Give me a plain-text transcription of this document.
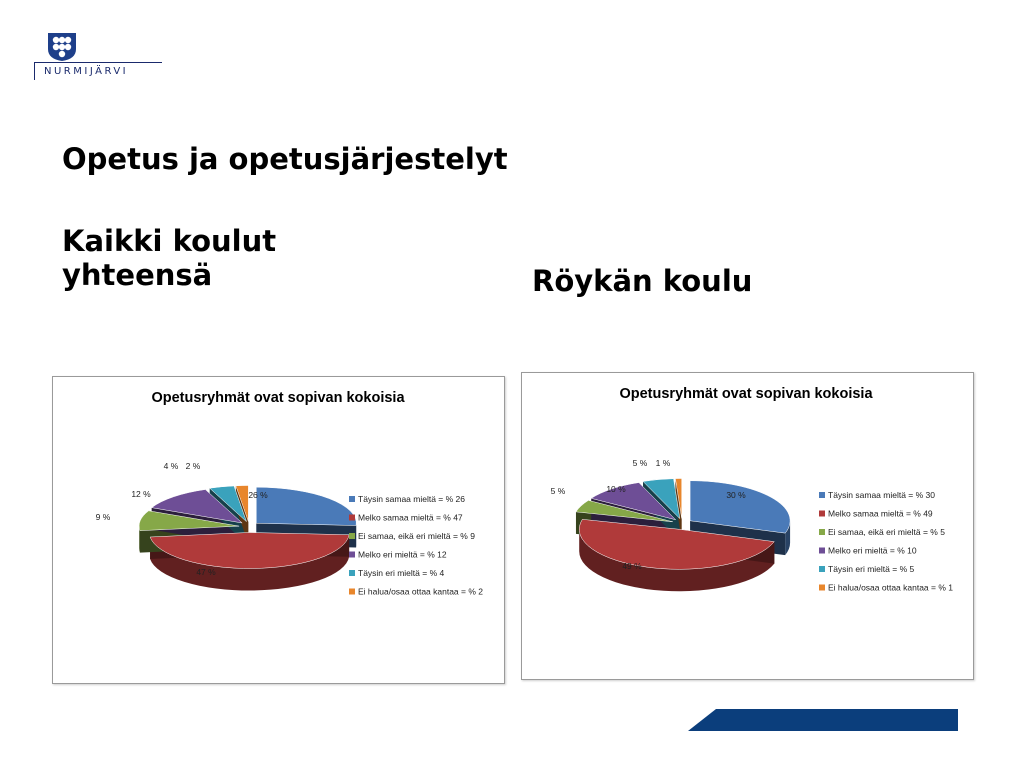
NURMIJÄRVI
Opetus ja opetusjärjestelyt
Kaikki koulut
yhteensä	Röykän koulu
Opetusryhmät ovat sopivan kokoisia
26 %
47 %
9 %
12 %
4 % 2 %
Täysin samaa mieltä = % 26
Melko samaa mieltä = % 47
Ei samaa, eikä eri mieltä = % 9
Melko eri mieltä = % 12
Täysin eri mieltä = % 4
Ei halua/osaa ottaa kantaa = % 2
Opetusryhmät ovat sopivan kokoisia
30 %
49 %
5 %	10 %
5 % 1 %
Täysin samaa mieltä = % 30
Melko samaa mieltä = % 49
Ei samaa, eikä eri mieltä = % 5
Melko eri mieltä = % 10
Täysin eri mieltä = % 5
Ei halua/osaa ottaa kantaa = % 1
